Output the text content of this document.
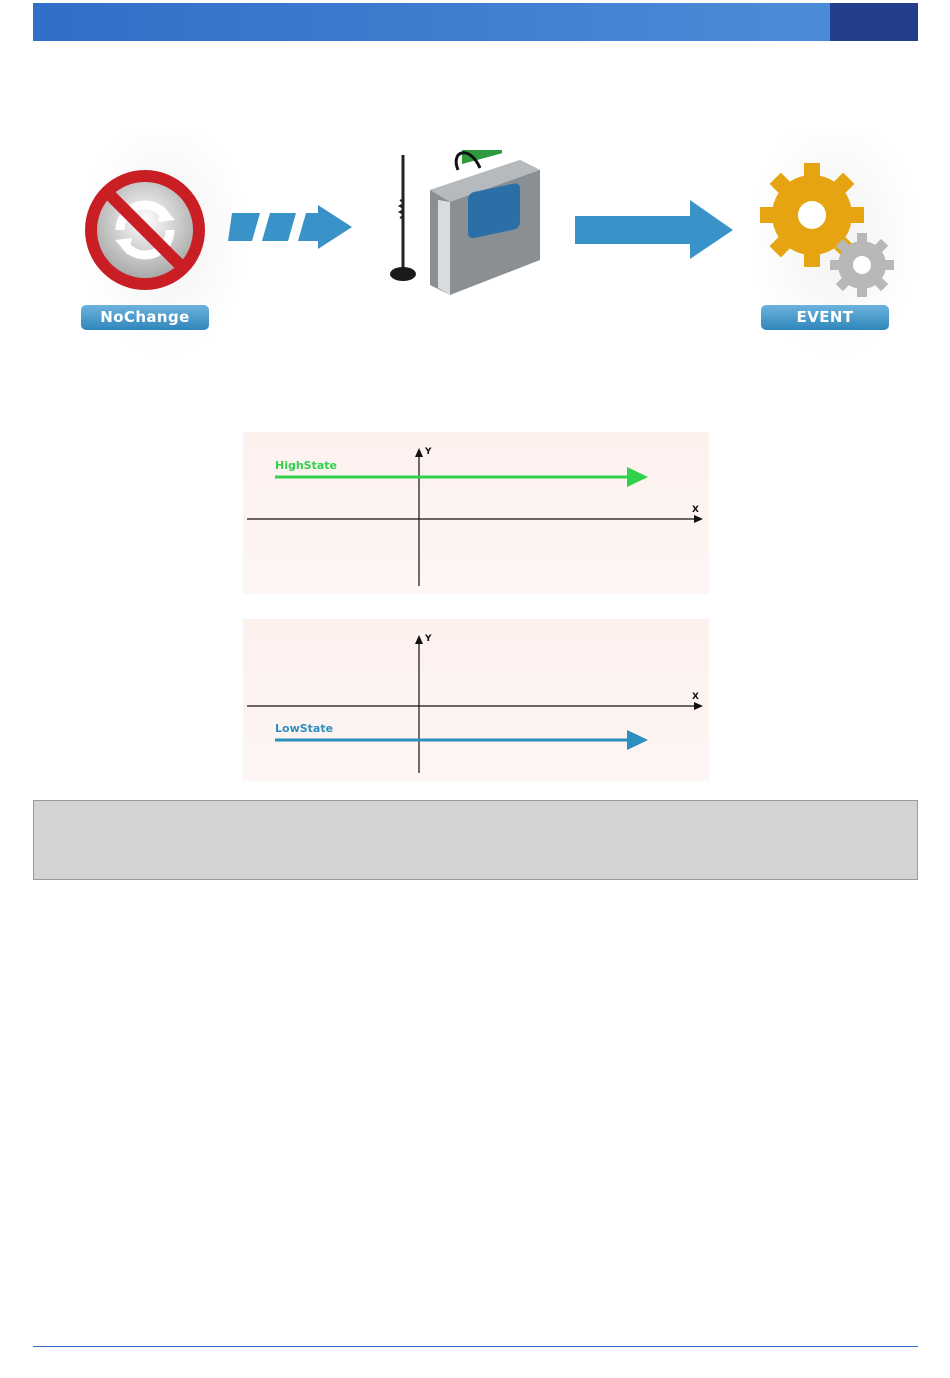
NoChange	EVENT
X
Y
HighState
X
Y
LowState
